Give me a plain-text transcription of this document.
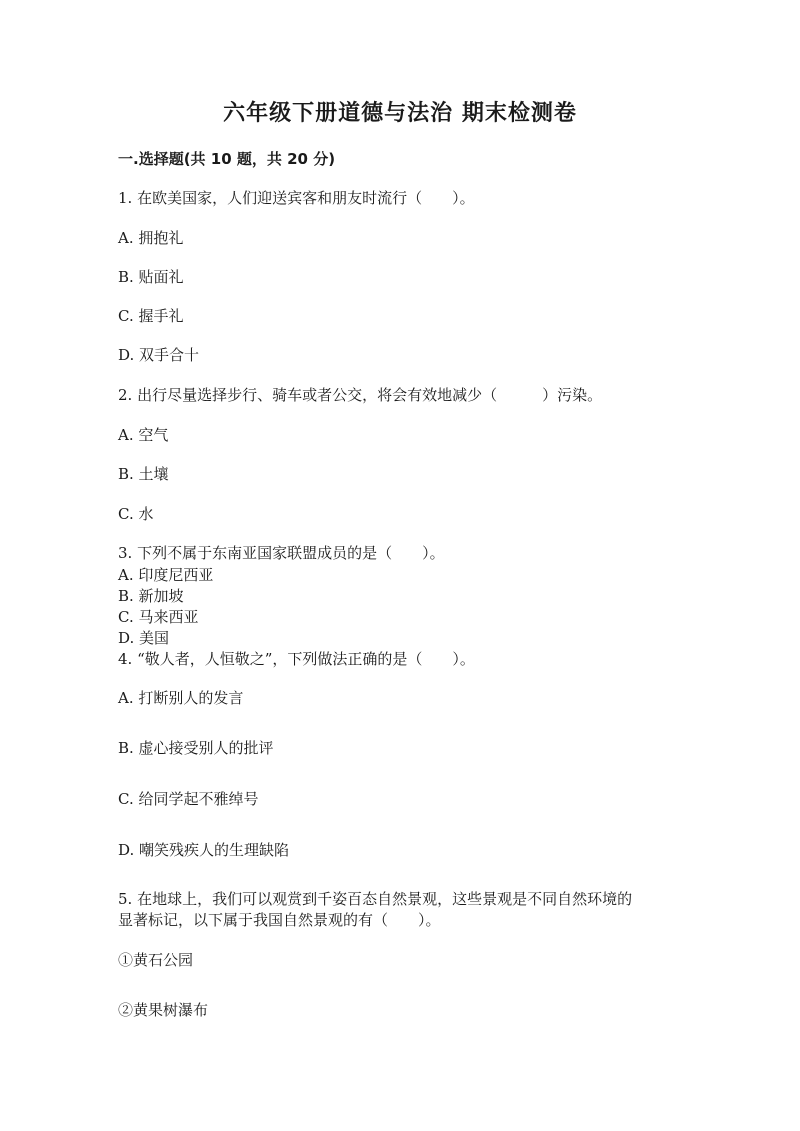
六年级下册道德与法治 期末检测卷
一.选择题(共 10 题，共 20 分)
1. 在欧美国家，人们迎送宾客和朋友时流行（　　）。
A. 拥抱礼
B. 贴面礼
C. 握手礼
D. 双手合十
2. 出行尽量选择步行、骑车或者公交，将会有效地减少（　　　）污染。
A. 空气
B. 土壤
C. 水
3. 下列不属于东南亚国家联盟成员的是（　　）。
A. 印度尼西亚
B. 新加坡
C. 马来西亚
D. 美国
4. “敬人者，人恒敬之”，下列做法正确的是（　　）。
A. 打断别人的发言
B. 虚心接受别人的批评
C. 给同学起不雅绰号
D. 嘲笑残疾人的生理缺陷
5. 在地球上，我们可以观赏到千姿百态自然景观，这些景观是不同自然环境的
显著标记，以下属于我国自然景观的有（　　）。
①黄石公园
②黄果树瀑布
